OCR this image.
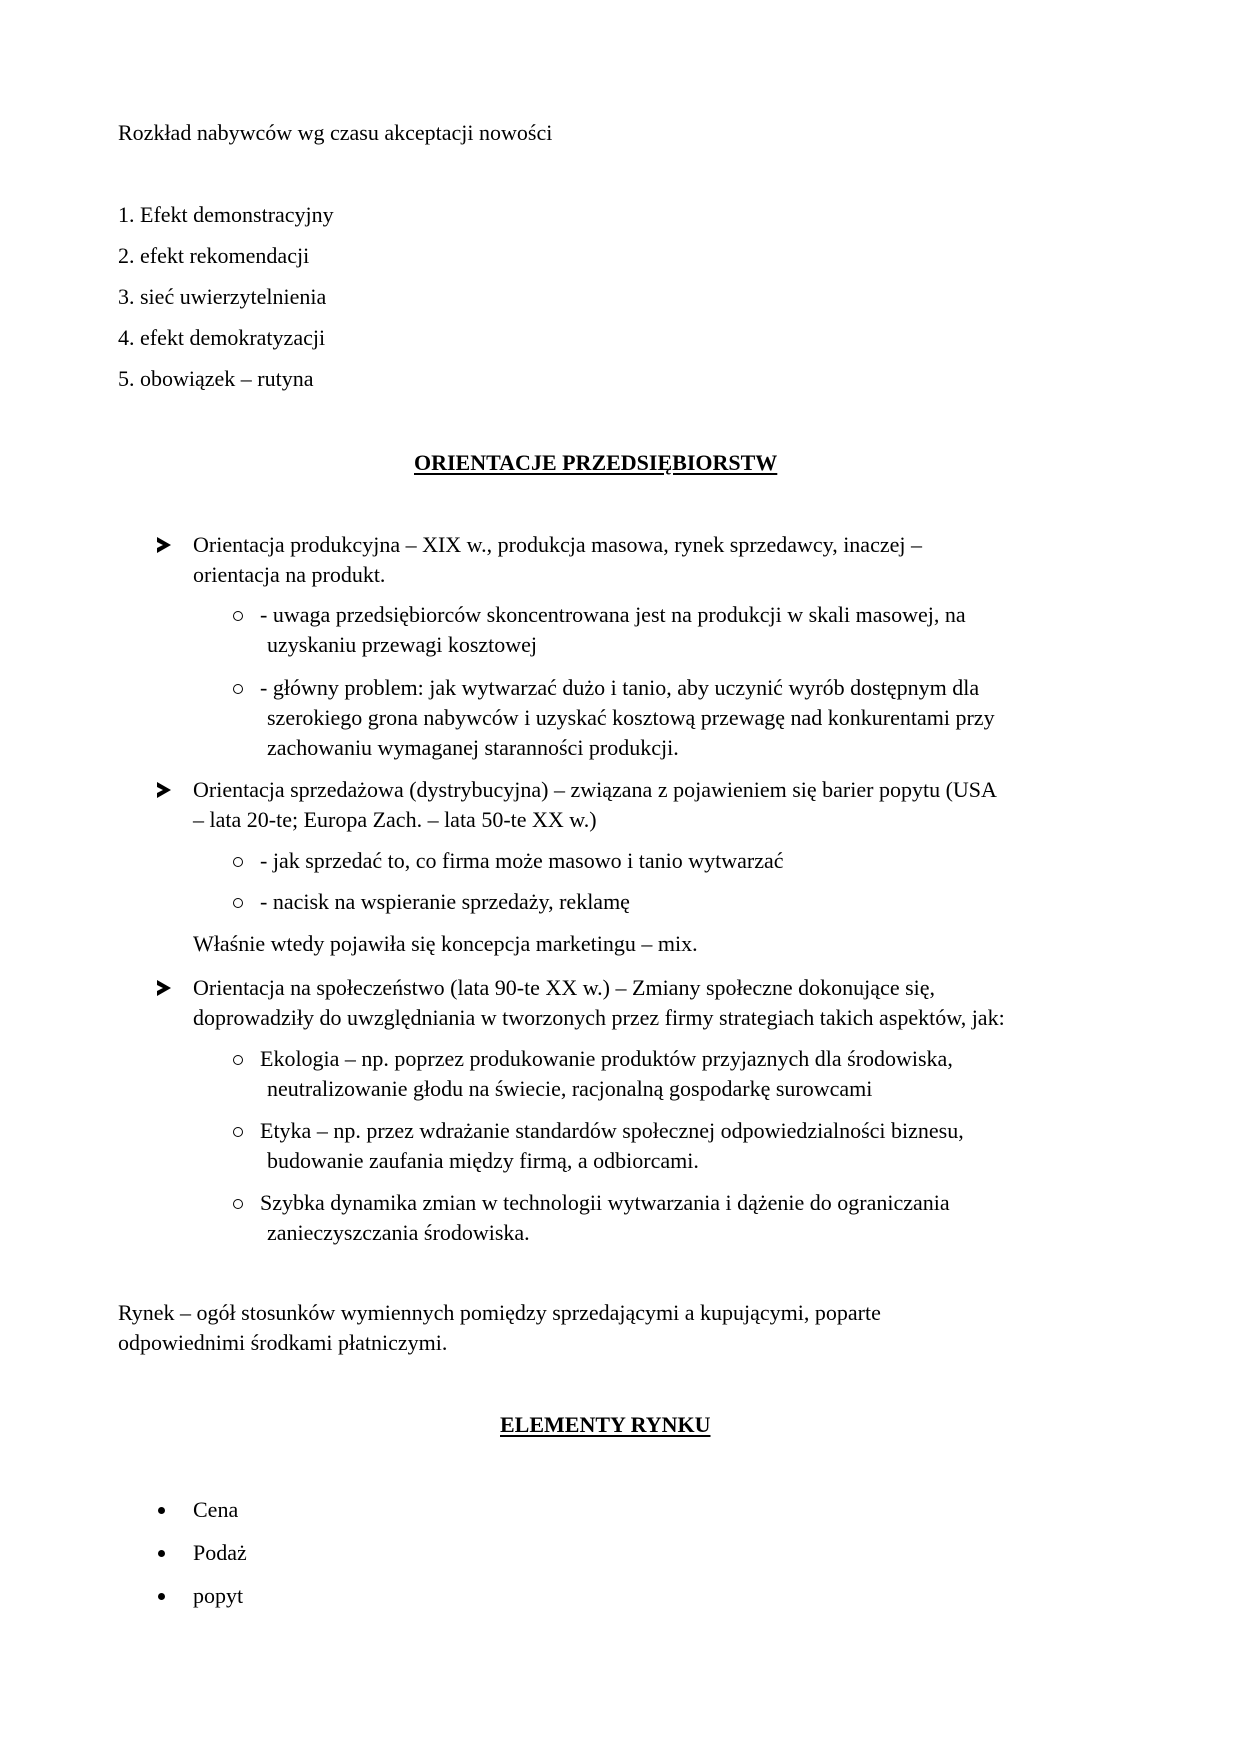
Rozkład nabywców wg czasu akceptacji nowości
1. Efekt demonstracyjny
2. efekt rekomendacji
3. sieć uwierzytelnienia
4. efekt demokratyzacji
5. obowiązek – rutyna
ORIENTACJE PRZEDSIĘBIORSTW
Orientacja produkcyjna – XIX w., produkcja masowa, rynek sprzedawcy, inaczej –
orientacja na produkt.
- uwaga przedsiębiorców skoncentrowana jest na produkcji w skali masowej, na
uzyskaniu przewagi kosztowej
- główny problem: jak wytwarzać dużo i tanio, aby uczynić wyrób dostępnym dla
szerokiego grona nabywców i uzyskać kosztową przewagę nad konkurentami przy
zachowaniu wymaganej staranności produkcji.
Orientacja sprzedażowa (dystrybucyjna) – związana z pojawieniem się barier popytu (USA
– lata 20-te; Europa Zach. – lata 50-te XX w.)
- jak sprzedać to, co firma może masowo i tanio wytwarzać
- nacisk na wspieranie sprzedaży, reklamę
Właśnie wtedy pojawiła się koncepcja marketingu – mix.
Orientacja na społeczeństwo (lata 90-te XX w.) – Zmiany społeczne dokonujące się,
doprowadziły do uwzględniania w tworzonych przez firmy strategiach takich aspektów, jak:
Ekologia – np. poprzez produkowanie produktów przyjaznych dla środowiska,
neutralizowanie głodu na świecie, racjonalną gospodarkę surowcami
Etyka – np. przez wdrażanie standardów społecznej odpowiedzialności biznesu,
budowanie zaufania między firmą, a odbiorcami.
Szybka dynamika zmian w technologii wytwarzania i dążenie do ograniczania
zanieczyszczania środowiska.
Rynek – ogół stosunków wymiennych pomiędzy sprzedającymi a kupującymi, poparte
odpowiednimi środkami płatniczymi.
ELEMENTY RYNKU
Cena
Podaż
popyt
